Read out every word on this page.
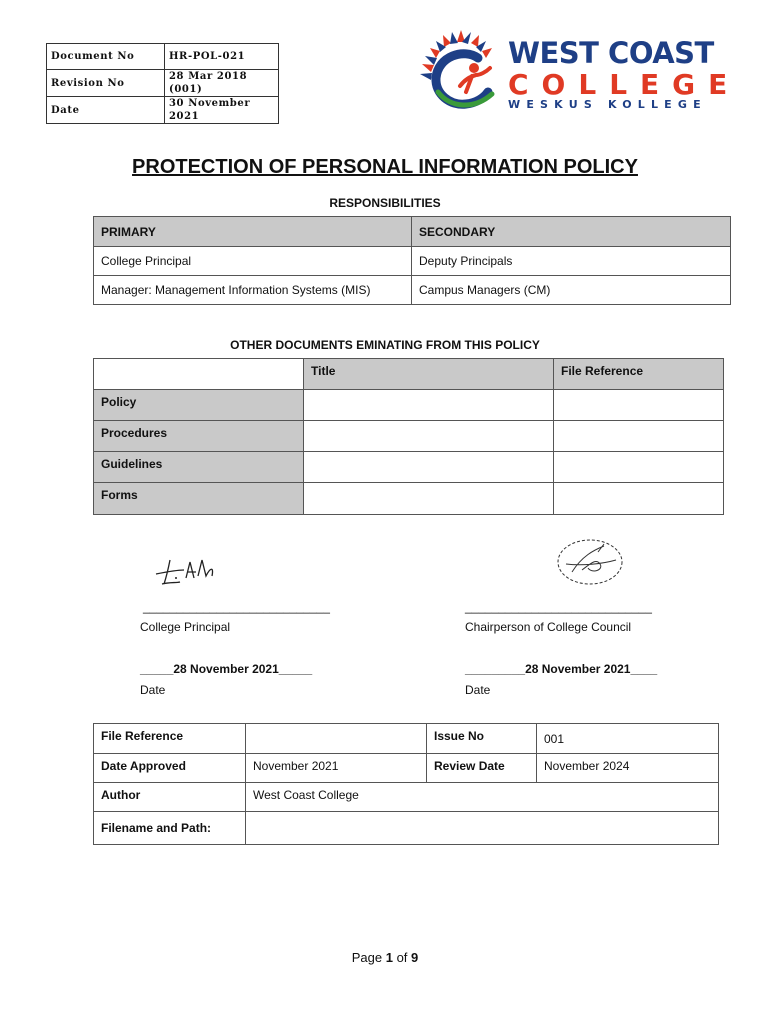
Document No	HR-POL-021
Revision No	28 Mar 2018 (001)
Date	30 November 2021
WEST COAST
COLLEGE
WESKUS KOLLEGE
PROTECTION OF PERSONAL INFORMATION POLICY
RESPONSIBILITIES
PRIMARY	SECONDARY
College Principal	Deputy Principals
Manager: Management Information Systems (MIS)	Campus Managers (CM)
OTHER DOCUMENTS EMINATING FROM THIS POLICY
	Title	File Reference
Policy		
Procedures		
Guidelines		
Forms		
____________________________
College Principal
_____28 November 2021_____
Date
____________________________
Chairperson of College Council
_________28 November 2021____
Date
File Reference		Issue No	001
Date Approved	November 2021	Review Date	November 2024
Author	West Coast College		
Filename and Path:			
Page 1 of 9
